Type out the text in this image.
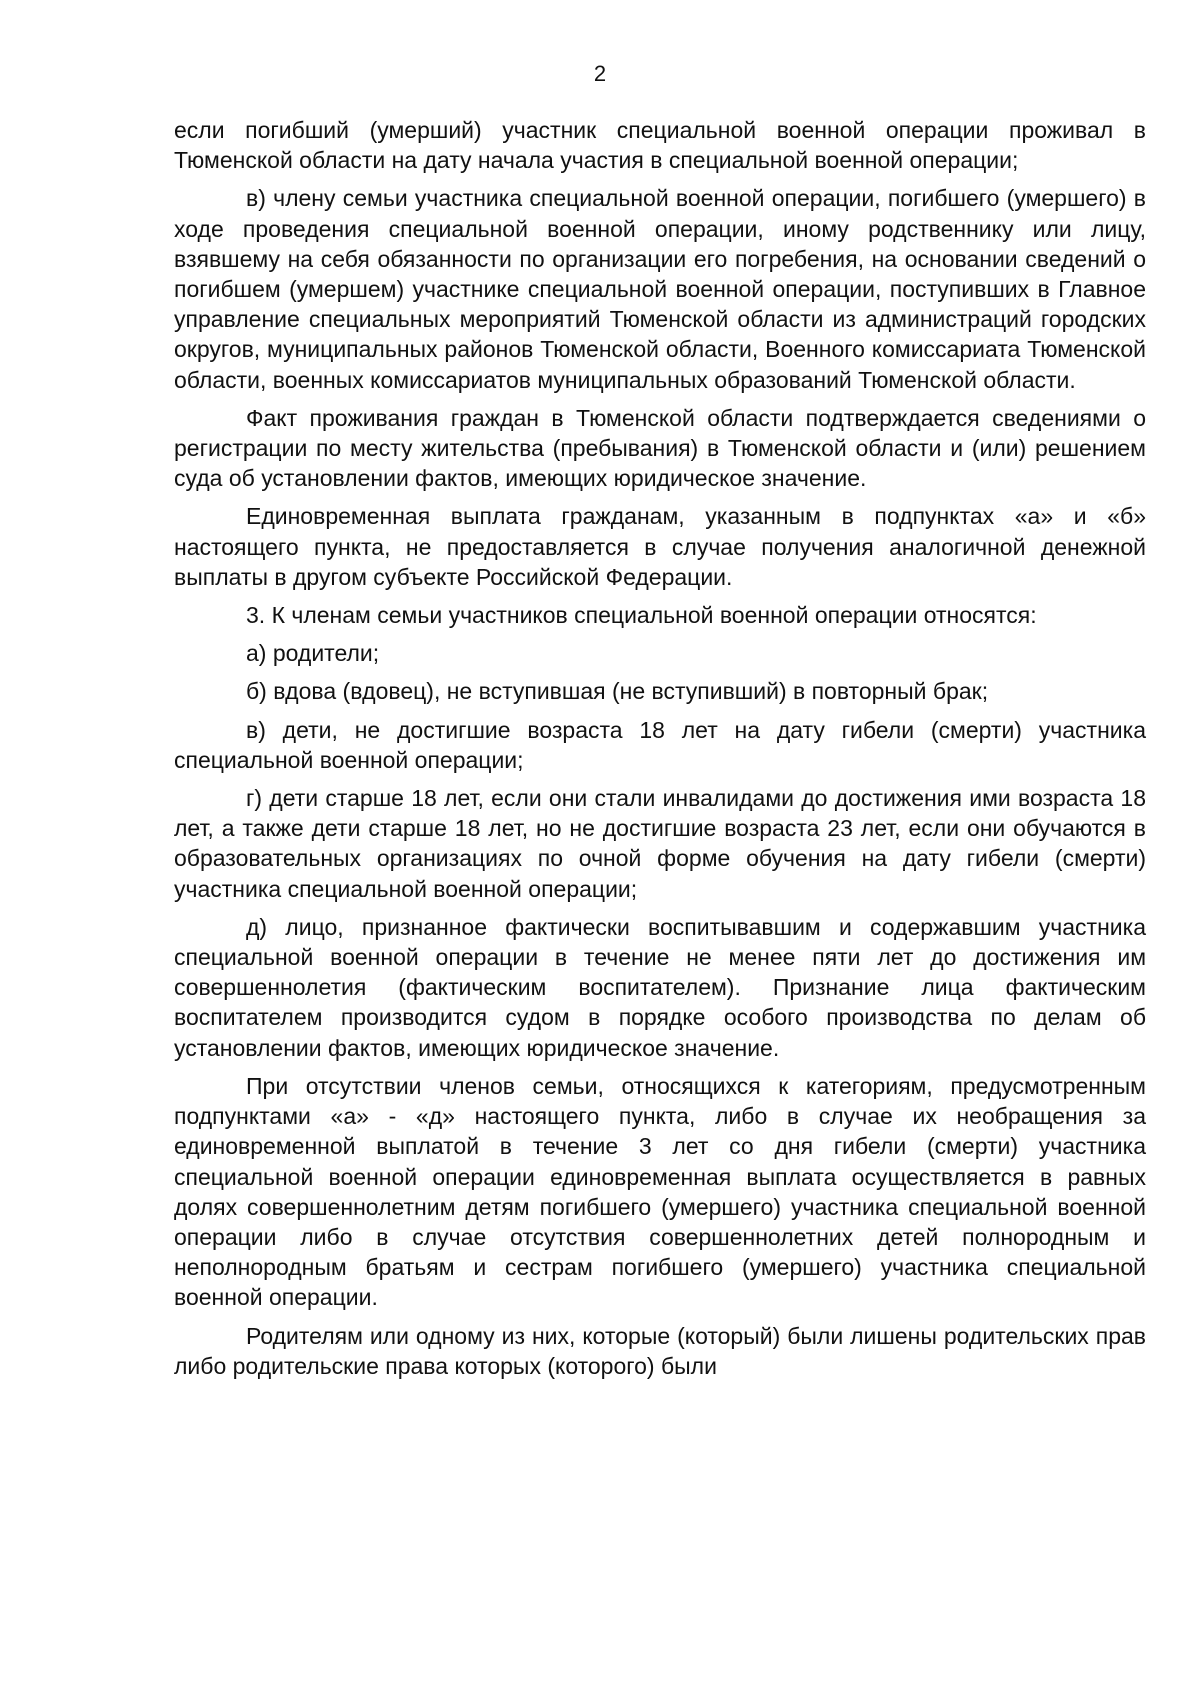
2

если погибший (умерший) участник специальной военной операции проживал в Тюменской области на дату начала участия в специальной военной операции;

в) члену семьи участника специальной военной операции, погибшего (умершего) в ходе проведения специальной военной операции, иному родственнику или лицу, взявшему на себя обязанности по организации его погребения, на основании сведений о погибшем (умершем) участнике специальной военной операции, поступивших в Главное управление специальных мероприятий Тюменской области из администраций городских округов, муниципальных районов Тюменской области, Военного комиссариата Тюменской области, военных комиссариатов муниципальных образований Тюменской области.

Факт проживания граждан в Тюменской области подтверждается сведениями о регистрации по месту жительства (пребывания) в Тюменской области и (или) решением суда об установлении фактов, имеющих юридическое значение.

Единовременная выплата гражданам, указанным в подпунктах «а» и «б» настоящего пункта, не предоставляется в случае получения аналогичной денежной выплаты в другом субъекте Российской Федерации.

3. К членам семьи участников специальной военной операции относятся:

а) родители;

б) вдова (вдовец), не вступившая (не вступивший) в повторный брак;

в) дети, не достигшие возраста 18 лет на дату гибели (смерти) участника специальной военной операции;

г) дети старше 18 лет, если они стали инвалидами до достижения ими возраста 18 лет, а также дети старше 18 лет, но не достигшие возраста 23 лет, если они обучаются в образовательных организациях по очной форме обучения на дату гибели (смерти) участника специальной военной операции;

д) лицо, признанное фактически воспитывавшим и содержавшим участника специальной военной операции в течение не менее пяти лет до достижения им совершеннолетия (фактическим воспитателем). Признание лица фактическим воспитателем производится судом в порядке особого производства по делам об установлении фактов, имеющих юридическое значение.

При отсутствии членов семьи, относящихся к категориям, предусмотренным подпунктами «а» - «д» настоящего пункта, либо в случае их необращения за единовременной выплатой в течение 3 лет со дня гибели (смерти) участника специальной военной операции единовременная выплата осуществляется в равных долях совершеннолетним детям погибшего (умершего) участника специальной военной операции либо в случае отсутствия совершеннолетних детей полнородным и неполнородным братьям и сестрам погибшего (умершего) участника специальной военной операции.

Родителям или одному из них, которые (который) были лишены родительских прав либо родительские права которых (которого) были
